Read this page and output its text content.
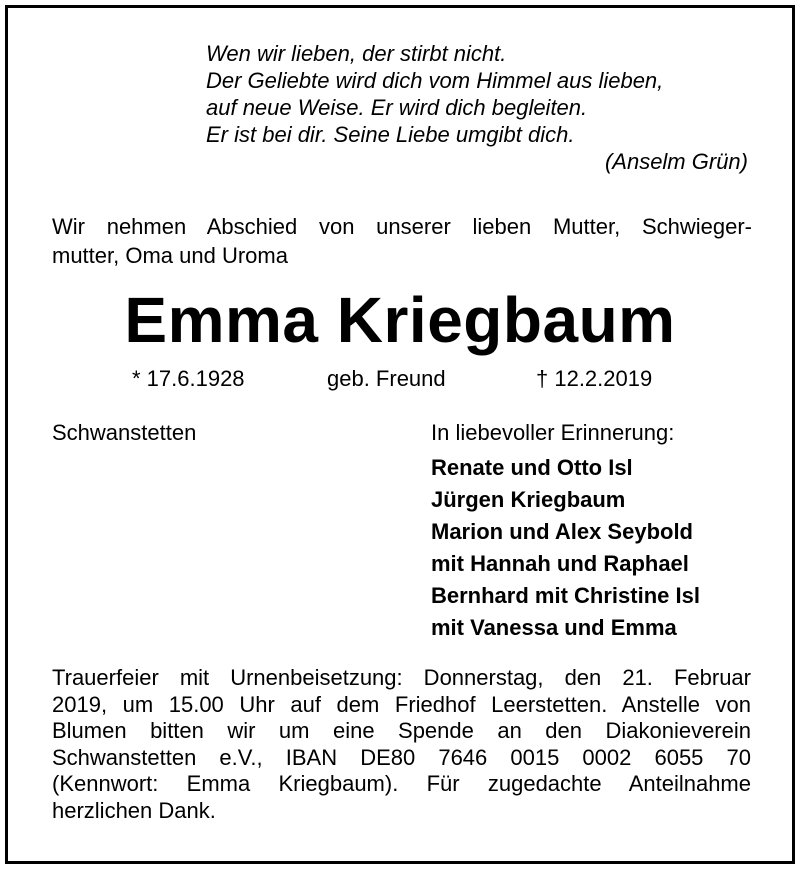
Wen wir lieben, der stirbt nicht.
Der Geliebte wird dich vom Himmel aus lieben,
auf neue Weise. Er wird dich begleiten.
Er ist bei dir. Seine Liebe umgibt dich.
(Anselm Grün)
Wir nehmen Abschied von unserer lieben Mutter, Schwieger-
mutter, Oma und Uroma
Emma Kriegbaum
* 17.6.1928	geb. Freund	† 12.2.2019
Schwanstetten	In liebevoller Erinnerung:
Renate und Otto Isl
Jürgen Kriegbaum
Marion und Alex Seybold
mit Hannah und Raphael
Bernhard mit Christine Isl
mit Vanessa und Emma
Trauerfeier mit Urnenbeisetzung: Donnerstag, den 21. Februar
2019, um 15.00 Uhr auf dem Friedhof Leerstetten. Anstelle von
Blumen bitten wir um eine Spende an den Diakonieverein
Schwanstetten e.V., IBAN DE80 7646 0015 0002 6055 70
(Kennwort: Emma Kriegbaum). Für zugedachte Anteilnahme
herzlichen Dank.
